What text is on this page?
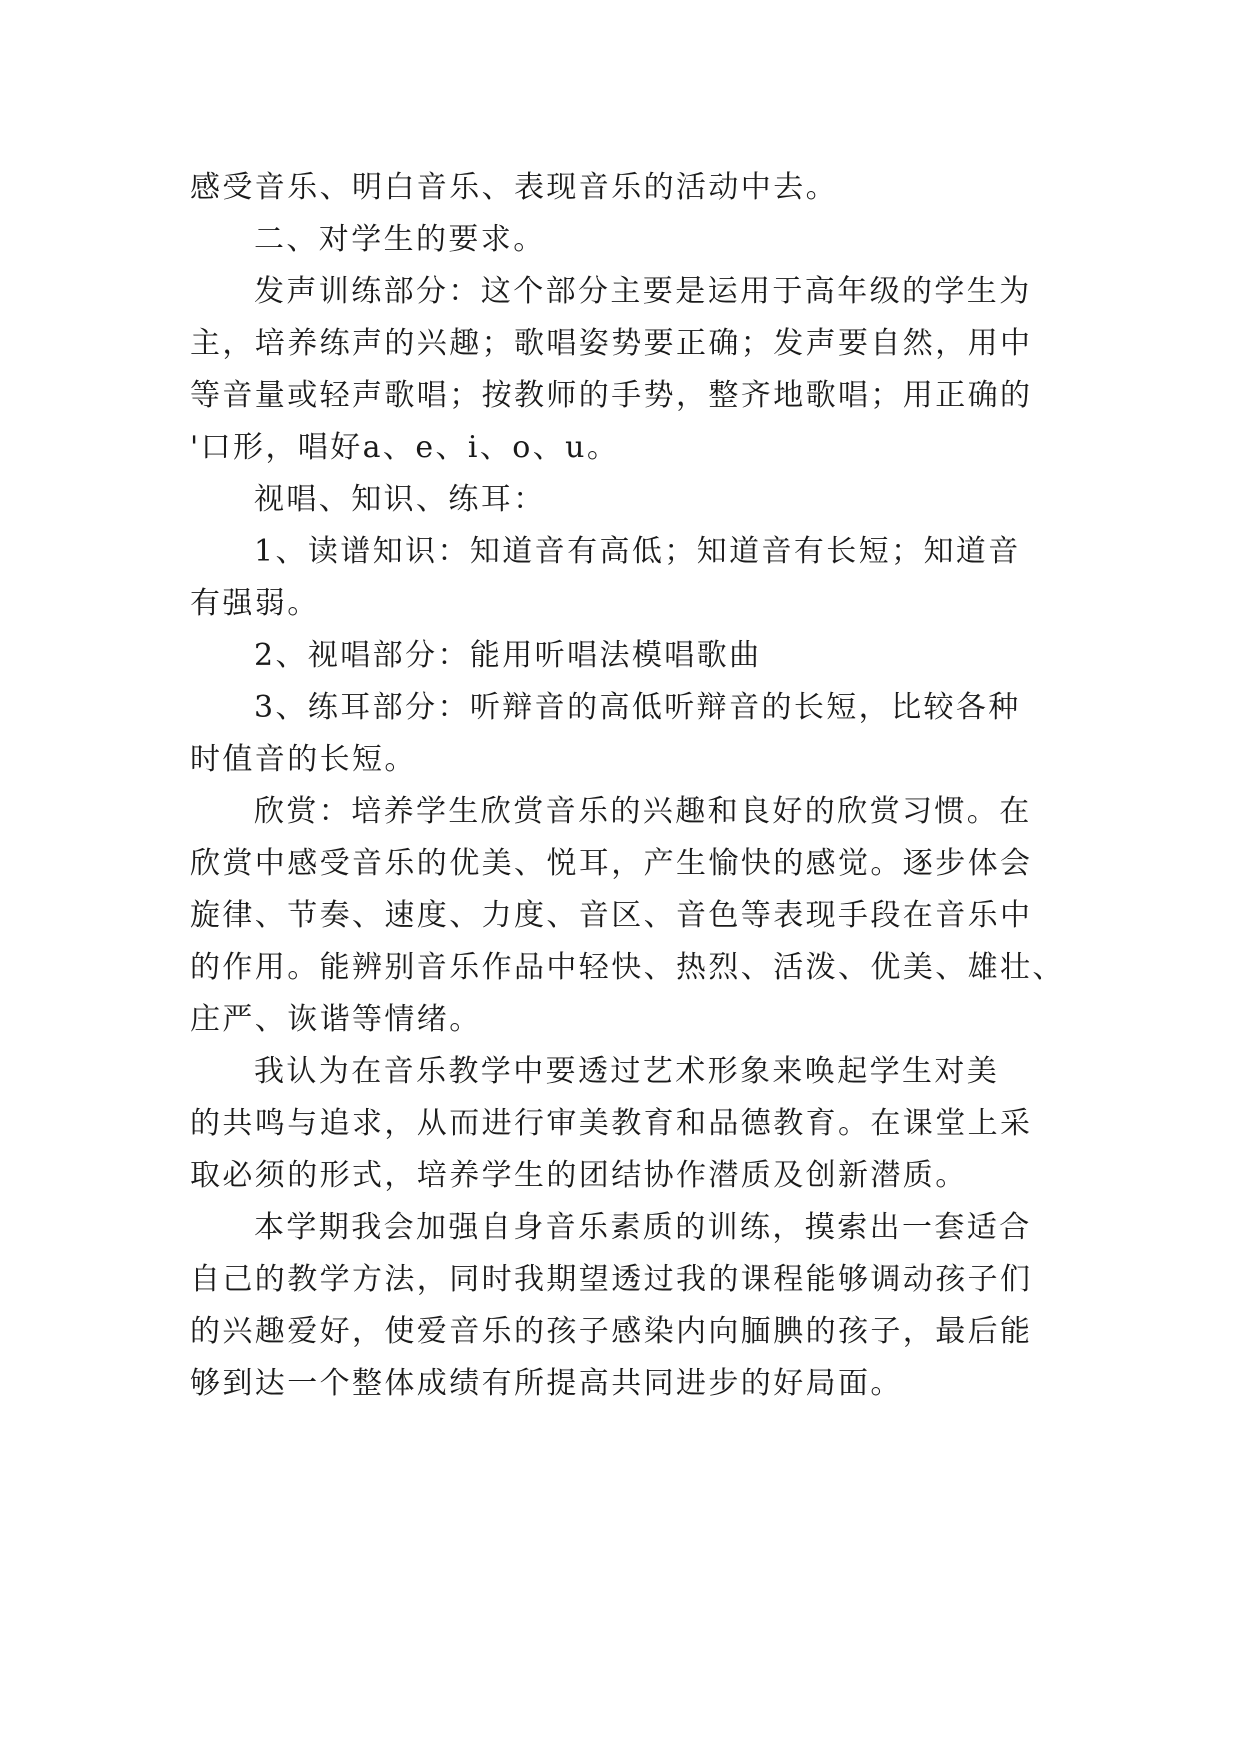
感受音乐、明白音乐、表现音乐的活动中去。
二、对学生的要求。
发声训练部分：这个部分主要是运用于高年级的学生为
主，培养练声的兴趣；歌唱姿势要正确；发声要自然，用中
等音量或轻声歌唱；按教师的手势，整齐地歌唱；用正确的
'口形，唱好a、e、i、o、u。
视唱、知识、练耳：
1、读谱知识：知道音有高低；知道音有长短；知道音
有强弱。
2、视唱部分：能用听唱法模唱歌曲
3、练耳部分：听辩音的高低听辩音的长短，比较各种
时值音的长短。
欣赏：培养学生欣赏音乐的兴趣和良好的欣赏习惯。在
欣赏中感受音乐的优美、悦耳，产生愉快的感觉。逐步体会
旋律、节奏、速度、力度、音区、音色等表现手段在音乐中
的作用。能辨别音乐作品中轻快、热烈、活泼、优美、雄壮、
庄严、诙谐等情绪。
我认为在音乐教学中要透过艺术形象来唤起学生对美
的共鸣与追求，从而进行审美教育和品德教育。在课堂上采
取必须的形式，培养学生的团结协作潜质及创新潜质。
本学期我会加强自身音乐素质的训练，摸索出一套适合
自己的教学方法，同时我期望透过我的课程能够调动孩子们
的兴趣爱好，使爱音乐的孩子感染内向腼腆的孩子，最后能
够到达一个整体成绩有所提高共同进步的好局面。
